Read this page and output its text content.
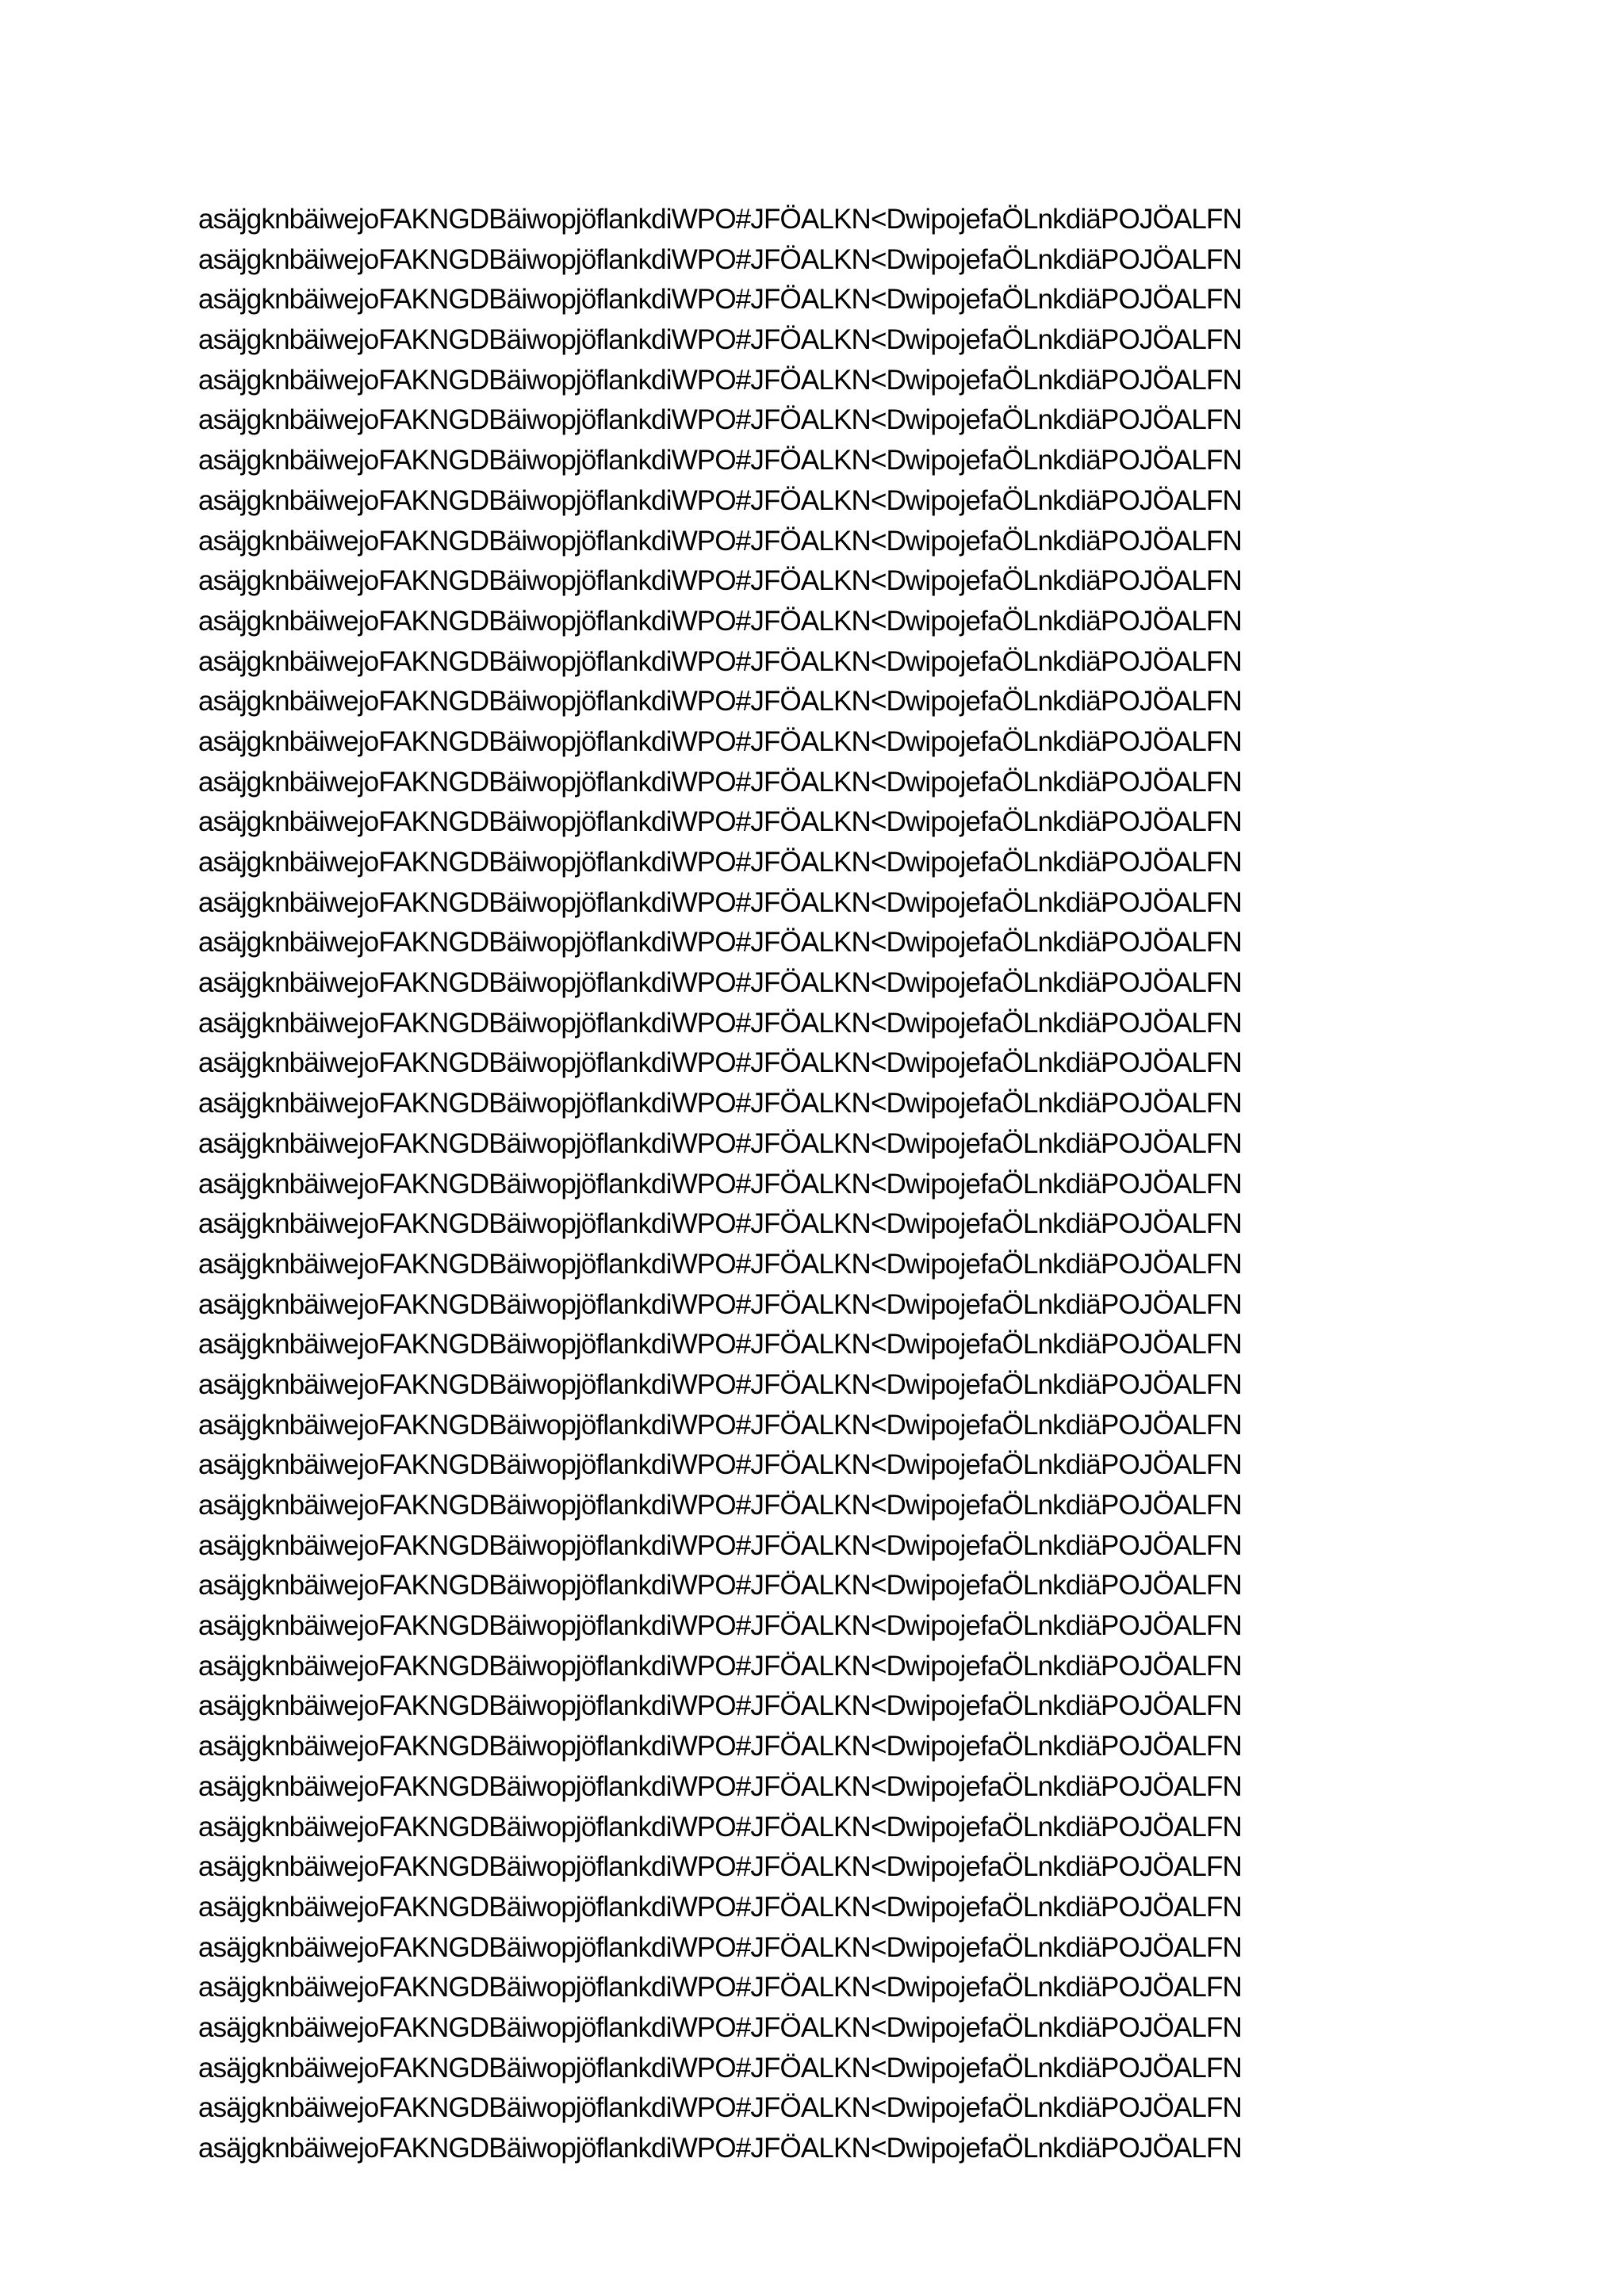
asäjgknbäiwejoFAKNGDBäiwopjöflankdiWPO#JFÖALKN<DwipojefaÖLnkdiäPOJÖALFN
asäjgknbäiwejoFAKNGDBäiwopjöflankdiWPO#JFÖALKN<DwipojefaÖLnkdiäPOJÖALFN
asäjgknbäiwejoFAKNGDBäiwopjöflankdiWPO#JFÖALKN<DwipojefaÖLnkdiäPOJÖALFN
asäjgknbäiwejoFAKNGDBäiwopjöflankdiWPO#JFÖALKN<DwipojefaÖLnkdiäPOJÖALFN
asäjgknbäiwejoFAKNGDBäiwopjöflankdiWPO#JFÖALKN<DwipojefaÖLnkdiäPOJÖALFN
asäjgknbäiwejoFAKNGDBäiwopjöflankdiWPO#JFÖALKN<DwipojefaÖLnkdiäPOJÖALFN
asäjgknbäiwejoFAKNGDBäiwopjöflankdiWPO#JFÖALKN<DwipojefaÖLnkdiäPOJÖALFN
asäjgknbäiwejoFAKNGDBäiwopjöflankdiWPO#JFÖALKN<DwipojefaÖLnkdiäPOJÖALFN
asäjgknbäiwejoFAKNGDBäiwopjöflankdiWPO#JFÖALKN<DwipojefaÖLnkdiäPOJÖALFN
asäjgknbäiwejoFAKNGDBäiwopjöflankdiWPO#JFÖALKN<DwipojefaÖLnkdiäPOJÖALFN
asäjgknbäiwejoFAKNGDBäiwopjöflankdiWPO#JFÖALKN<DwipojefaÖLnkdiäPOJÖALFN
asäjgknbäiwejoFAKNGDBäiwopjöflankdiWPO#JFÖALKN<DwipojefaÖLnkdiäPOJÖALFN
asäjgknbäiwejoFAKNGDBäiwopjöflankdiWPO#JFÖALKN<DwipojefaÖLnkdiäPOJÖALFN
asäjgknbäiwejoFAKNGDBäiwopjöflankdiWPO#JFÖALKN<DwipojefaÖLnkdiäPOJÖALFN
asäjgknbäiwejoFAKNGDBäiwopjöflankdiWPO#JFÖALKN<DwipojefaÖLnkdiäPOJÖALFN
asäjgknbäiwejoFAKNGDBäiwopjöflankdiWPO#JFÖALKN<DwipojefaÖLnkdiäPOJÖALFN
asäjgknbäiwejoFAKNGDBäiwopjöflankdiWPO#JFÖALKN<DwipojefaÖLnkdiäPOJÖALFN
asäjgknbäiwejoFAKNGDBäiwopjöflankdiWPO#JFÖALKN<DwipojefaÖLnkdiäPOJÖALFN
asäjgknbäiwejoFAKNGDBäiwopjöflankdiWPO#JFÖALKN<DwipojefaÖLnkdiäPOJÖALFN
asäjgknbäiwejoFAKNGDBäiwopjöflankdiWPO#JFÖALKN<DwipojefaÖLnkdiäPOJÖALFN
asäjgknbäiwejoFAKNGDBäiwopjöflankdiWPO#JFÖALKN<DwipojefaÖLnkdiäPOJÖALFN
asäjgknbäiwejoFAKNGDBäiwopjöflankdiWPO#JFÖALKN<DwipojefaÖLnkdiäPOJÖALFN
asäjgknbäiwejoFAKNGDBäiwopjöflankdiWPO#JFÖALKN<DwipojefaÖLnkdiäPOJÖALFN
asäjgknbäiwejoFAKNGDBäiwopjöflankdiWPO#JFÖALKN<DwipojefaÖLnkdiäPOJÖALFN
asäjgknbäiwejoFAKNGDBäiwopjöflankdiWPO#JFÖALKN<DwipojefaÖLnkdiäPOJÖALFN
asäjgknbäiwejoFAKNGDBäiwopjöflankdiWPO#JFÖALKN<DwipojefaÖLnkdiäPOJÖALFN
asäjgknbäiwejoFAKNGDBäiwopjöflankdiWPO#JFÖALKN<DwipojefaÖLnkdiäPOJÖALFN
asäjgknbäiwejoFAKNGDBäiwopjöflankdiWPO#JFÖALKN<DwipojefaÖLnkdiäPOJÖALFN
asäjgknbäiwejoFAKNGDBäiwopjöflankdiWPO#JFÖALKN<DwipojefaÖLnkdiäPOJÖALFN
asäjgknbäiwejoFAKNGDBäiwopjöflankdiWPO#JFÖALKN<DwipojefaÖLnkdiäPOJÖALFN
asäjgknbäiwejoFAKNGDBäiwopjöflankdiWPO#JFÖALKN<DwipojefaÖLnkdiäPOJÖALFN
asäjgknbäiwejoFAKNGDBäiwopjöflankdiWPO#JFÖALKN<DwipojefaÖLnkdiäPOJÖALFN
asäjgknbäiwejoFAKNGDBäiwopjöflankdiWPO#JFÖALKN<DwipojefaÖLnkdiäPOJÖALFN
asäjgknbäiwejoFAKNGDBäiwopjöflankdiWPO#JFÖALKN<DwipojefaÖLnkdiäPOJÖALFN
asäjgknbäiwejoFAKNGDBäiwopjöflankdiWPO#JFÖALKN<DwipojefaÖLnkdiäPOJÖALFN
asäjgknbäiwejoFAKNGDBäiwopjöflankdiWPO#JFÖALKN<DwipojefaÖLnkdiäPOJÖALFN
asäjgknbäiwejoFAKNGDBäiwopjöflankdiWPO#JFÖALKN<DwipojefaÖLnkdiäPOJÖALFN
asäjgknbäiwejoFAKNGDBäiwopjöflankdiWPO#JFÖALKN<DwipojefaÖLnkdiäPOJÖALFN
asäjgknbäiwejoFAKNGDBäiwopjöflankdiWPO#JFÖALKN<DwipojefaÖLnkdiäPOJÖALFN
asäjgknbäiwejoFAKNGDBäiwopjöflankdiWPO#JFÖALKN<DwipojefaÖLnkdiäPOJÖALFN
asäjgknbäiwejoFAKNGDBäiwopjöflankdiWPO#JFÖALKN<DwipojefaÖLnkdiäPOJÖALFN
asäjgknbäiwejoFAKNGDBäiwopjöflankdiWPO#JFÖALKN<DwipojefaÖLnkdiäPOJÖALFN
asäjgknbäiwejoFAKNGDBäiwopjöflankdiWPO#JFÖALKN<DwipojefaÖLnkdiäPOJÖALFN
asäjgknbäiwejoFAKNGDBäiwopjöflankdiWPO#JFÖALKN<DwipojefaÖLnkdiäPOJÖALFN
asäjgknbäiwejoFAKNGDBäiwopjöflankdiWPO#JFÖALKN<DwipojefaÖLnkdiäPOJÖALFN
asäjgknbäiwejoFAKNGDBäiwopjöflankdiWPO#JFÖALKN<DwipojefaÖLnkdiäPOJÖALFN
asäjgknbäiwejoFAKNGDBäiwopjöflankdiWPO#JFÖALKN<DwipojefaÖLnkdiäPOJÖALFN
asäjgknbäiwejoFAKNGDBäiwopjöflankdiWPO#JFÖALKN<DwipojefaÖLnkdiäPOJÖALFN
asäjgknbäiwejoFAKNGDBäiwopjöflankdiWPO#JFÖALKN<DwipojefaÖLnkdiäPOJÖALFN
